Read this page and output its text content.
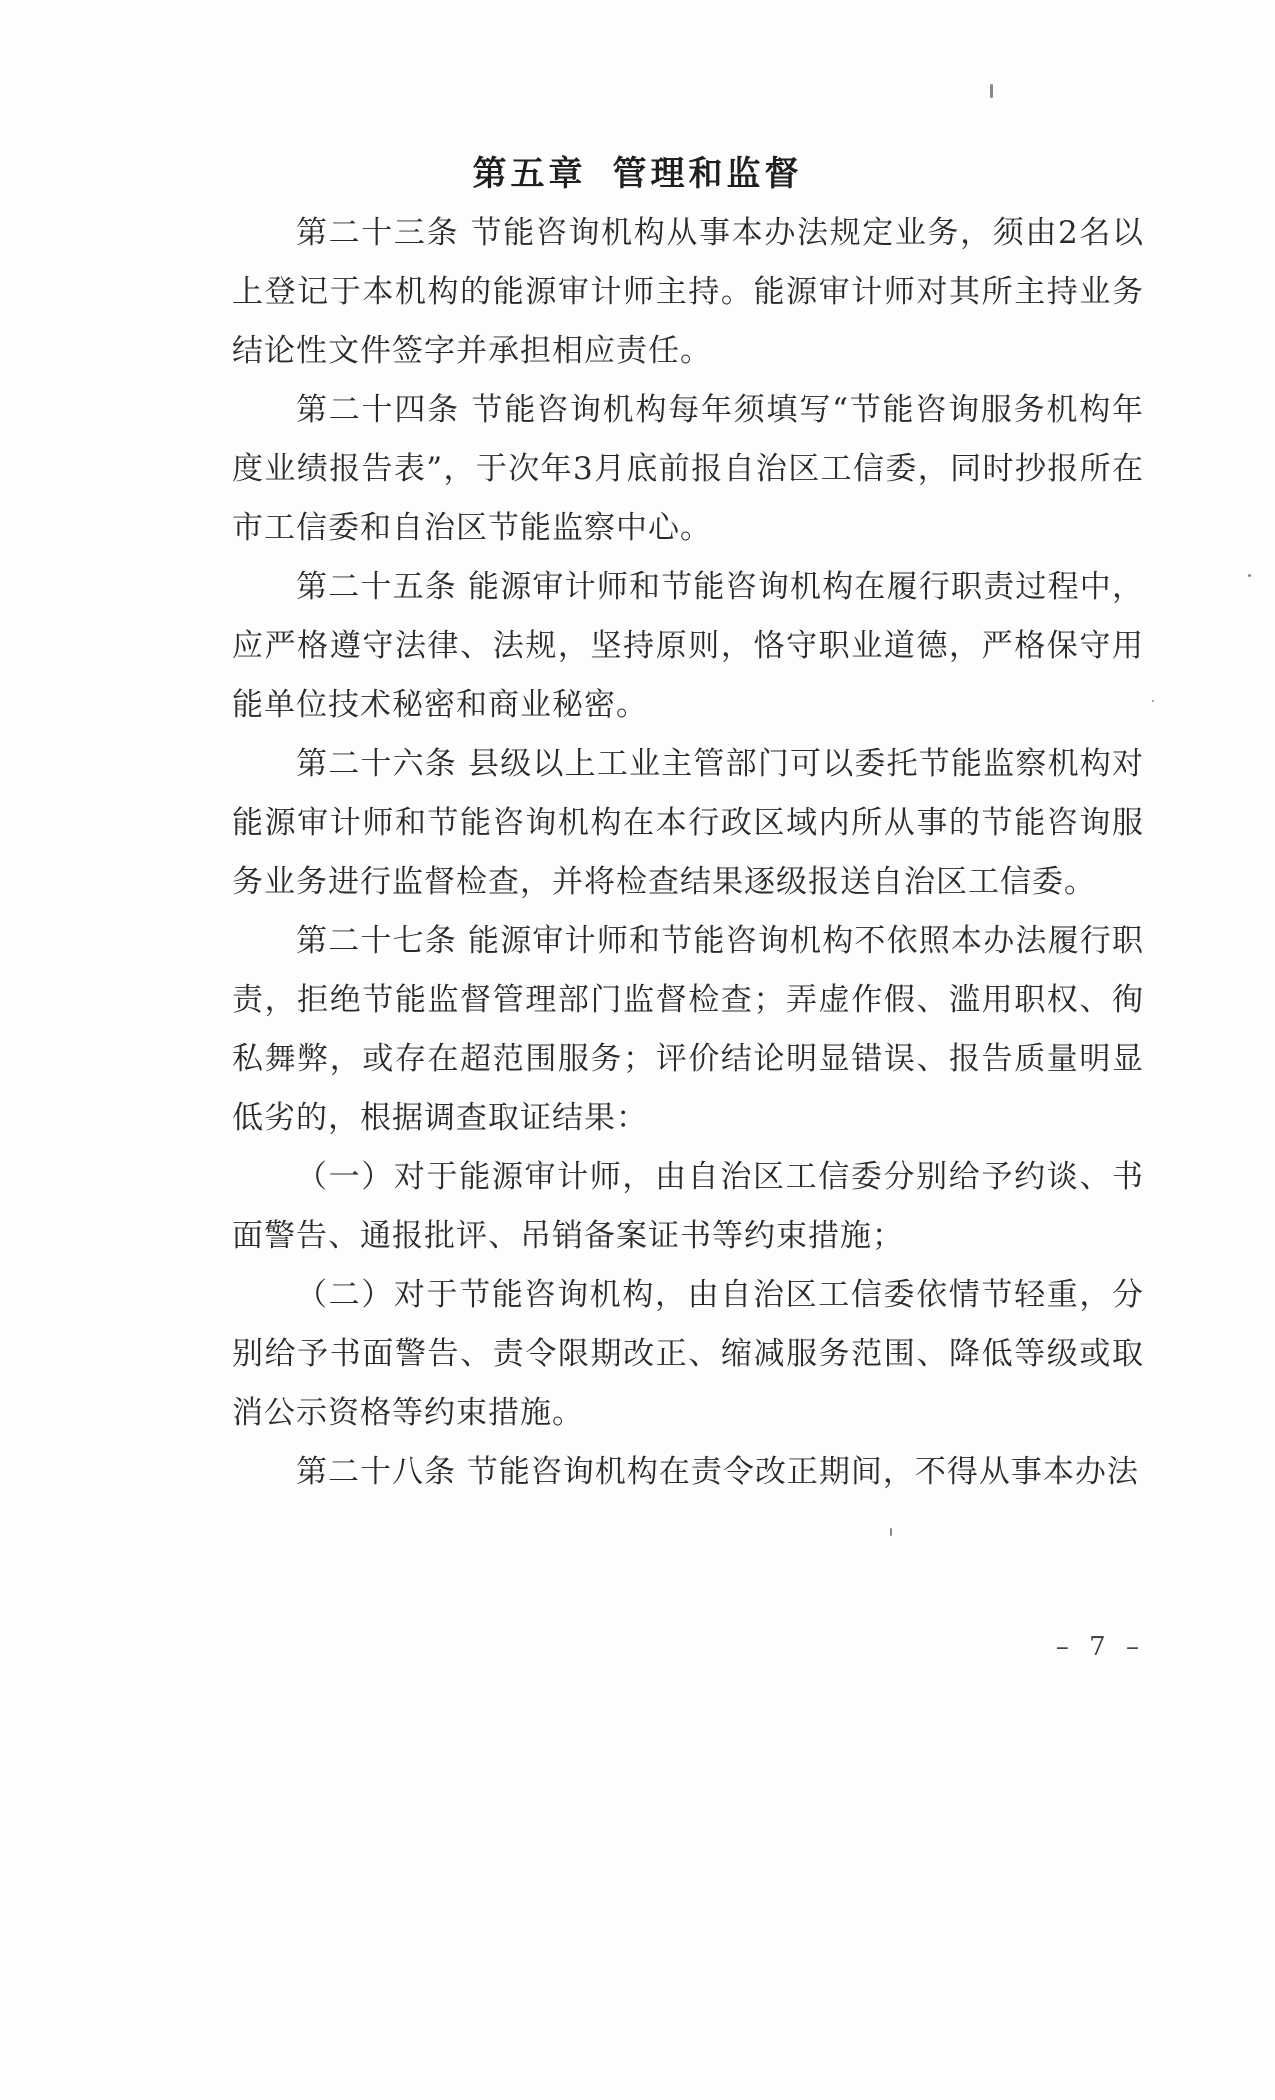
第五章 管理和监督

第二十三条 节能咨询机构从事本办法规定业务，须由2名以上登记于本机构的能源审计师主持。能源审计师对其所主持业务结论性文件签字并承担相应责任。

第二十四条 节能咨询机构每年须填写“节能咨询服务机构年度业绩报告表”，于次年3月底前报自治区工信委，同时抄报所在市工信委和自治区节能监察中心。

第二十五条 能源审计师和节能咨询机构在履行职责过程中，应严格遵守法律、法规，坚持原则，恪守职业道德，严格保守用能单位技术秘密和商业秘密。

第二十六条 县级以上工业主管部门可以委托节能监察机构对能源审计师和节能咨询机构在本行政区域内所从事的节能咨询服务业务进行监督检查，并将检查结果逐级报送自治区工信委。

第二十七条 能源审计师和节能咨询机构不依照本办法履行职责，拒绝节能监督管理部门监督检查；弄虚作假、滥用职权、徇私舞弊，或存在超范围服务；评价结论明显错误、报告质量明显低劣的，根据调查取证结果：

（一）对于能源审计师，由自治区工信委分别给予约谈、书面警告、通报批评、吊销备案证书等约束措施；

（二）对于节能咨询机构，由自治区工信委依情节轻重，分别给予书面警告、责令限期改正、缩减服务范围、降低等级或取消公示资格等约束措施。

第二十八条 节能咨询机构在责令改正期间，不得从事本办法

– 7 –
